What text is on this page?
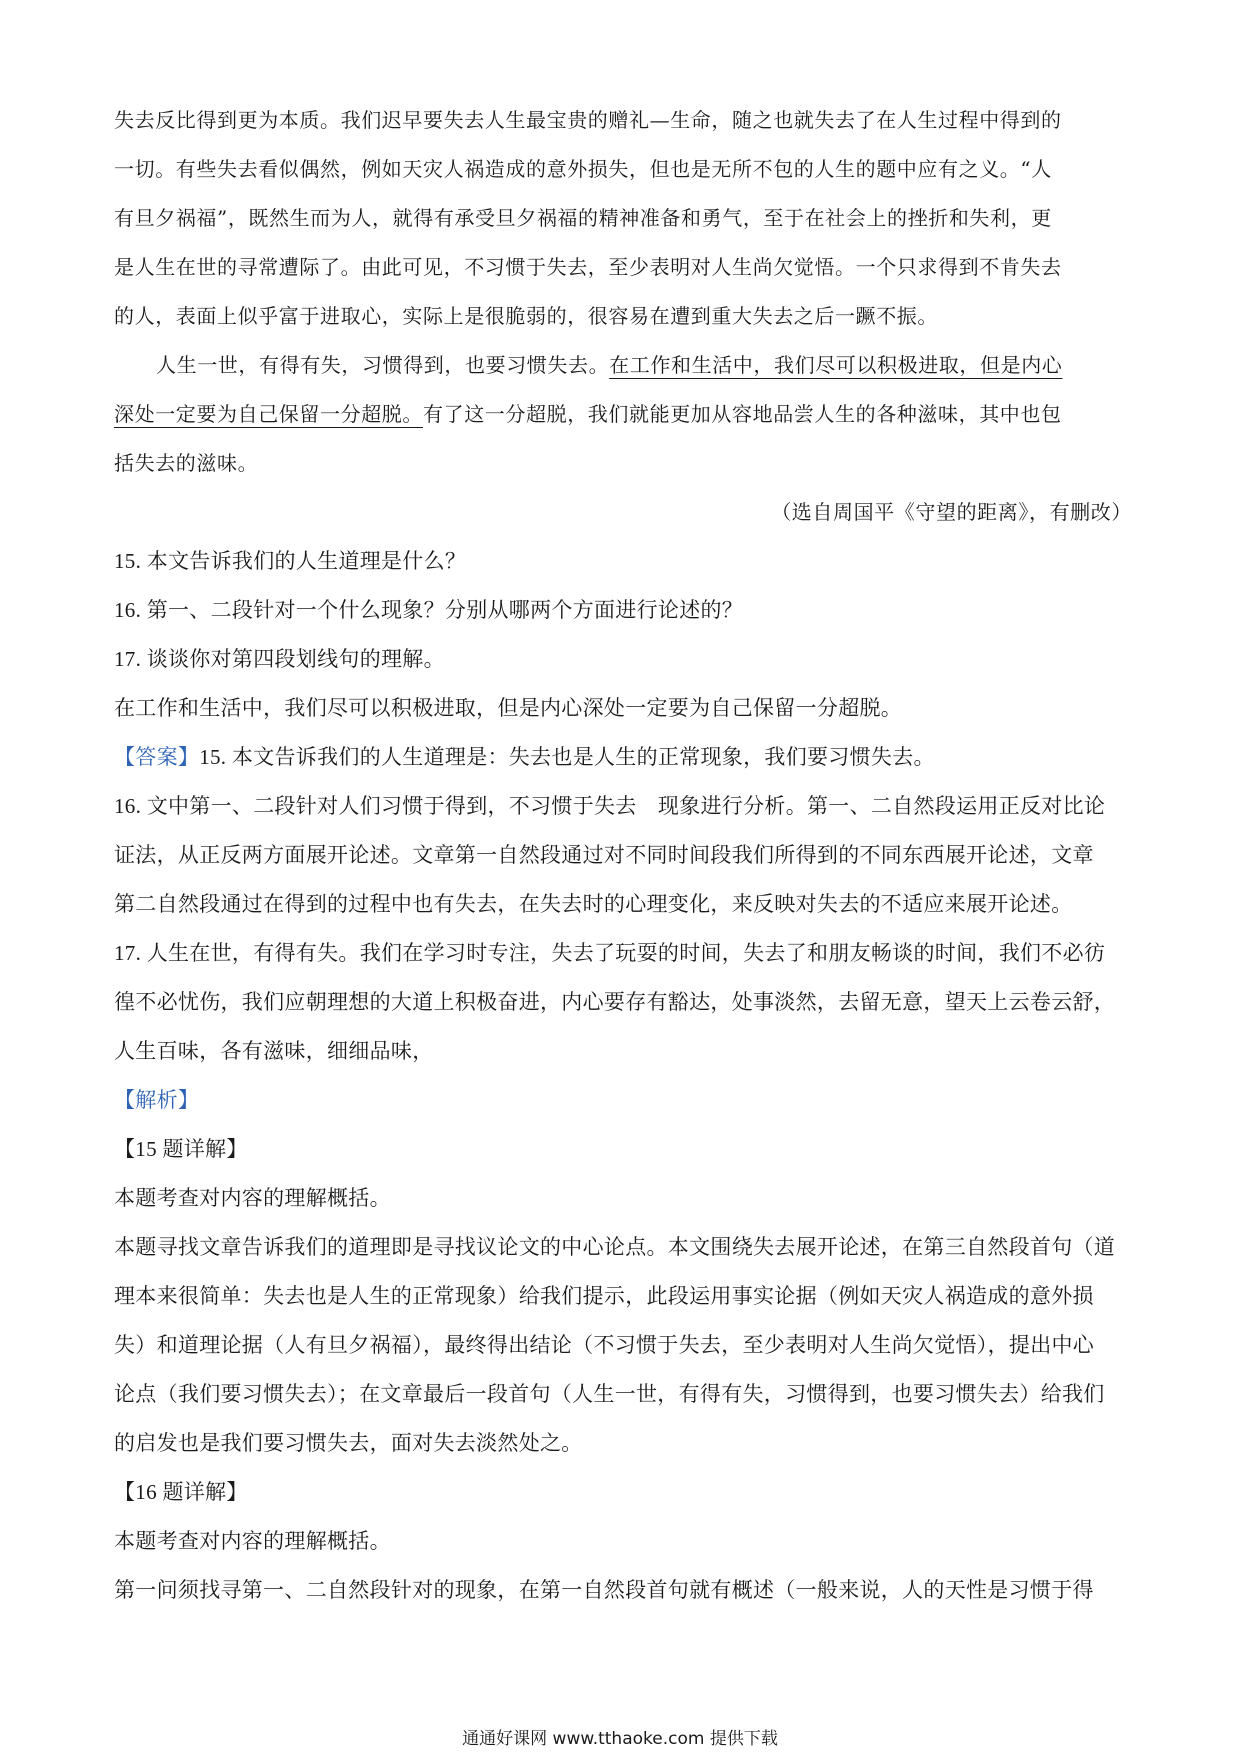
失去反比得到更为本质。我们迟早要失去人生最宝贵的赠礼—生命，随之也就失去了在人生过程中得到的
一切。有些失去看似偶然，例如天灾人祸造成的意外损失，但也是无所不包的人生的题中应有之义。“人
有旦夕祸福”，既然生而为人，就得有承受旦夕祸福的精神准备和勇气，至于在社会上的挫折和失利，更
是人生在世的寻常遭际了。由此可见，不习惯于失去，至少表明对人生尚欠觉悟。一个只求得到不肯失去
的人，表面上似乎富于进取心，实际上是很脆弱的，很容易在遭到重大失去之后一蹶不振。
人生一世，有得有失，习惯得到，也要习惯失去。在工作和生活中，我们尽可以积极进取，但是内心
深处一定要为自己保留一分超脱。有了这一分超脱，我们就能更加从容地品尝人生的各种滋味，其中也包
括失去的滋味。
（选自周国平《守望的距离》，有删改）
15. 本文告诉我们的人生道理是什么？
16. 第一、二段针对一个什么现象？分别从哪两个方面进行论述的？
17. 谈谈你对第四段划线句的理解。
在工作和生活中，我们尽可以积极进取，但是内心深处一定要为自己保留一分超脱。
【答案】15. 本文告诉我们的人生道理是：失去也是人生的正常现象，我们要习惯失去。
16. 文中第一、二段针对人们习惯于得到，不习惯于失去　现象进行分析。第一、二自然段运用正反对比论
证法，从正反两方面展开论述。文章第一自然段通过对不同时间段我们所得到的不同东西展开论述，文章
第二自然段通过在得到的过程中也有失去，在失去时的心理变化，来反映对失去的不适应来展开论述。
17. 人生在世，有得有失。我们在学习时专注，失去了玩耍的时间，失去了和朋友畅谈的时间，我们不必彷
徨不必忧伤，我们应朝理想的大道上积极奋进，内心要存有豁达，处事淡然，去留无意，望天上云卷云舒，
人生百味，各有滋味，细细品味，
【解析】
【15 题详解】
本题考查对内容的理解概括。
本题寻找文章告诉我们的道理即是寻找议论文的中心论点。本文围绕失去展开论述，在第三自然段首句（道
理本来很简单：失去也是人生的正常现象）给我们提示，此段运用事实论据（例如天灾人祸造成的意外损
失）和道理论据（人有旦夕祸福），最终得出结论（不习惯于失去，至少表明对人生尚欠觉悟），提出中心
论点（我们要习惯失去）；在文章最后一段首句（人生一世，有得有失，习惯得到，也要习惯失去）给我们
的启发也是我们要习惯失去，面对失去淡然处之。
【16 题详解】
本题考查对内容的理解概括。
第一问须找寻第一、二自然段针对的现象，在第一自然段首句就有概述（一般来说，人的天性是习惯于得
通通好课网 www.tthaoke.com 提供下载
